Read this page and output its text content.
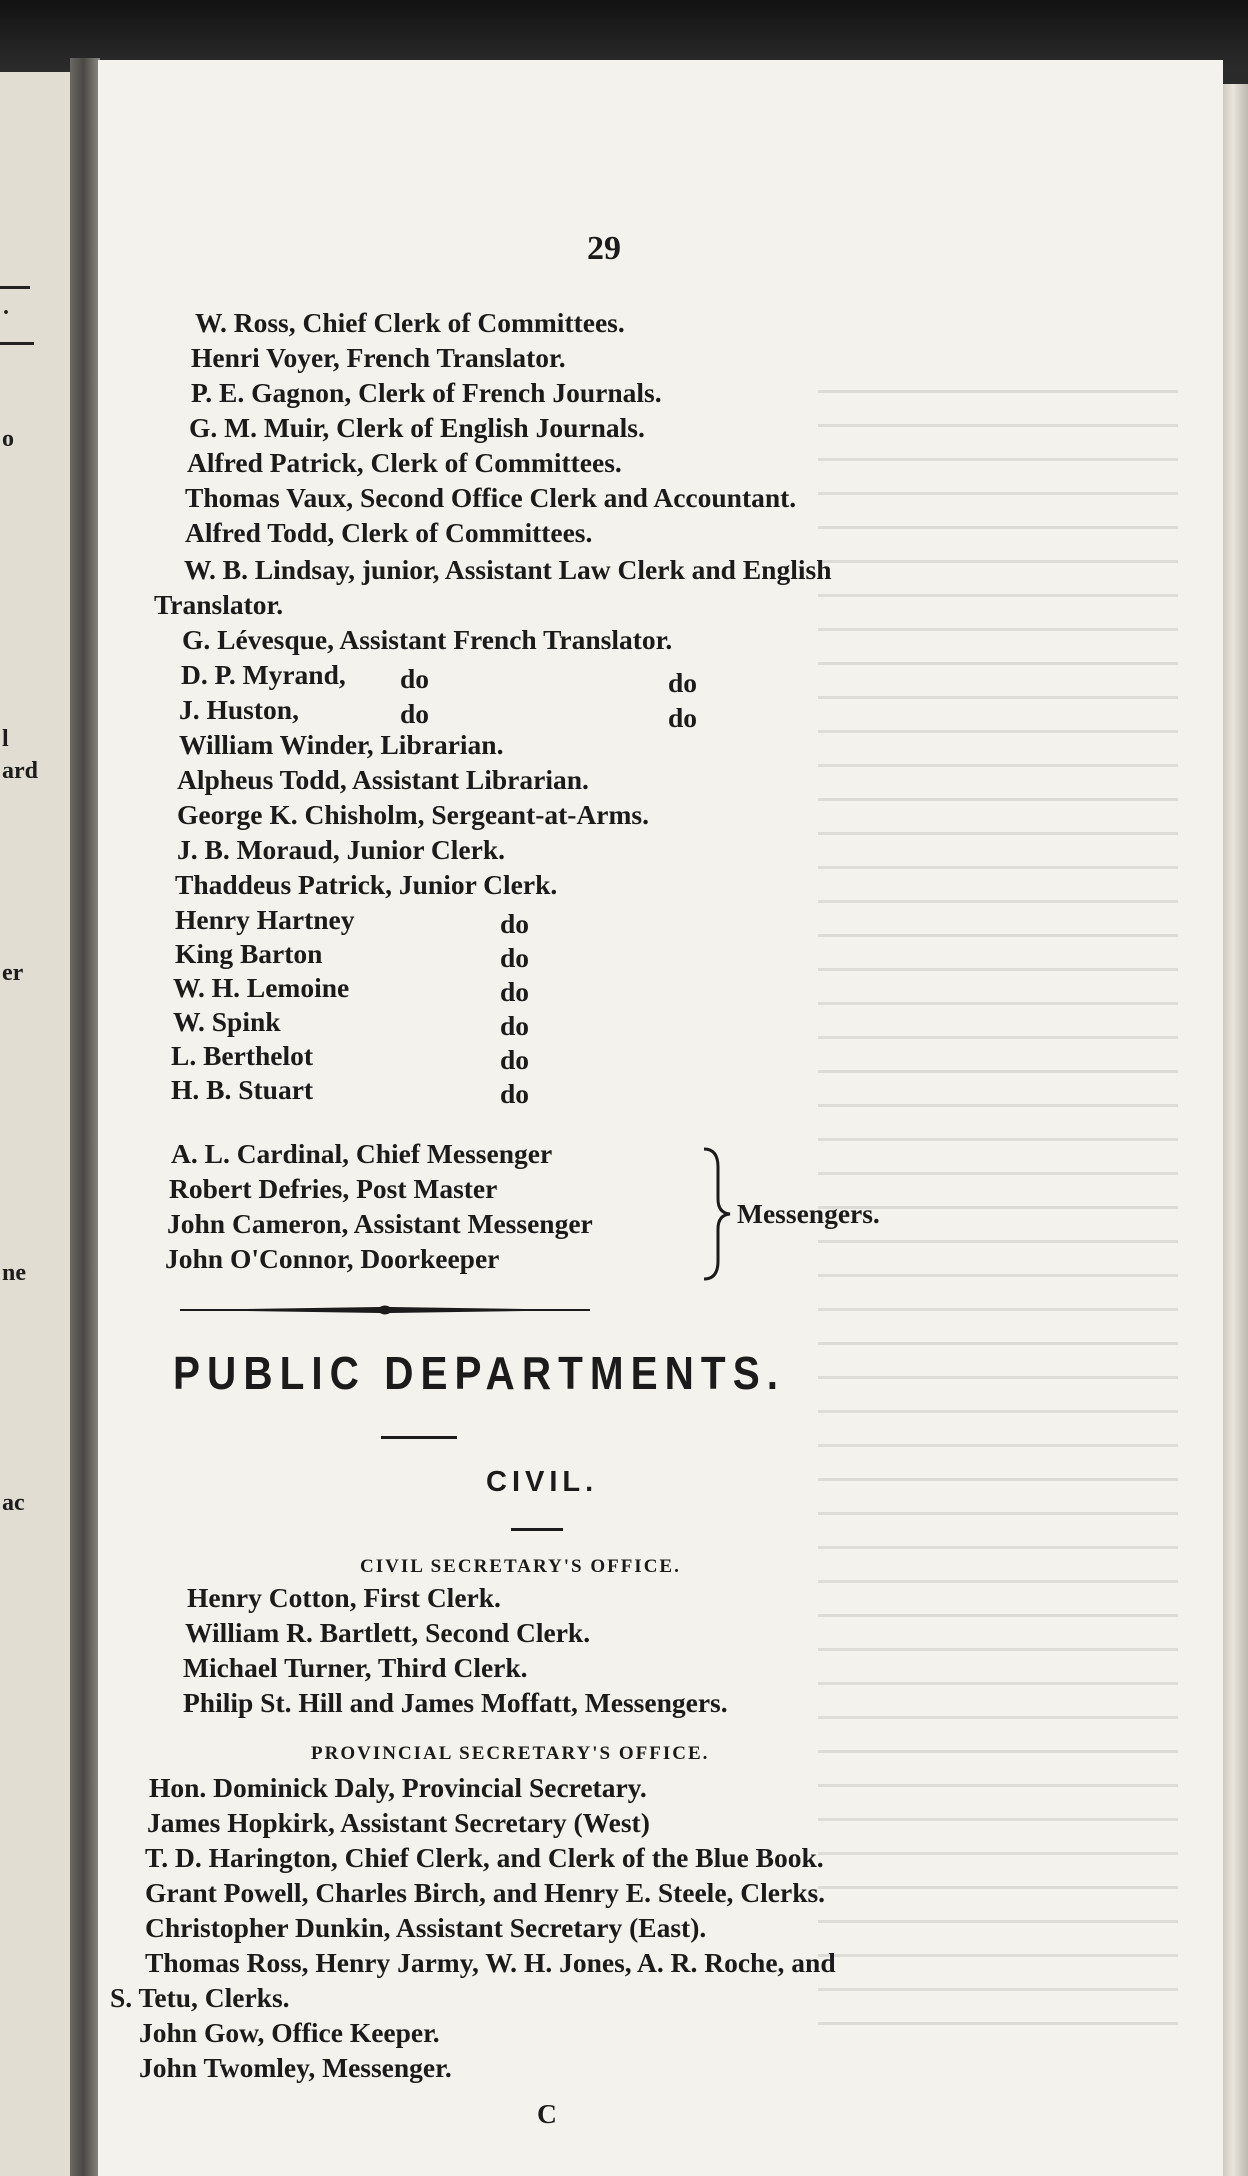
·
o
l
ard
er
ne
ac
29
W. Ross, Chief Clerk of Committees.
Henri Voyer, French Translator.
P. E. Gagnon, Clerk of French Journals.
G. M. Muir, Clerk of English Journals.
Alfred Patrick, Clerk of Committees.
Thomas Vaux, Second Office Clerk and Accountant.
Alfred Todd, Clerk of Committees.
W. B. Lindsay, junior, Assistant Law Clerk and English
Translator.
G. Lévesque, Assistant French Translator.
D. P. Myrand, do	do
J. Huston,	do	do
William Winder, Librarian.
Alpheus Todd, Assistant Librarian.
George K. Chisholm, Sergeant-at-Arms.
J. B. Moraud, Junior Clerk.
Thaddeus Patrick, Junior Clerk.
Henry Hartney	do
King Barton	do
W. H. Lemoine	do
W. Spink	do
L. Berthelot	do
H. B. Stuart	do
A. L. Cardinal, Chief Messenger
Robert Defries, Post Master
John Cameron, Assistant Messenger
John O'Connor, Doorkeeper
Messengers.
PUBLIC DEPARTMENTS.
CIVIL.
CIVIL SECRETARY'S OFFICE.
Henry Cotton, First Clerk.
William R. Bartlett, Second Clerk.
Michael Turner, Third Clerk.
Philip St. Hill and James Moffatt, Messengers.
PROVINCIAL SECRETARY'S OFFICE.
Hon. Dominick Daly, Provincial Secretary.
James Hopkirk, Assistant Secretary (West)
T. D. Harington, Chief Clerk, and Clerk of the Blue Book.
Grant Powell, Charles Birch, and Henry E. Steele, Clerks.
Christopher Dunkin, Assistant Secretary (East).
Thomas Ross, Henry Jarmy, W. H. Jones, A. R. Roche, and
S. Tetu, Clerks.
John Gow, Office Keeper.
John Twomley, Messenger.
C
